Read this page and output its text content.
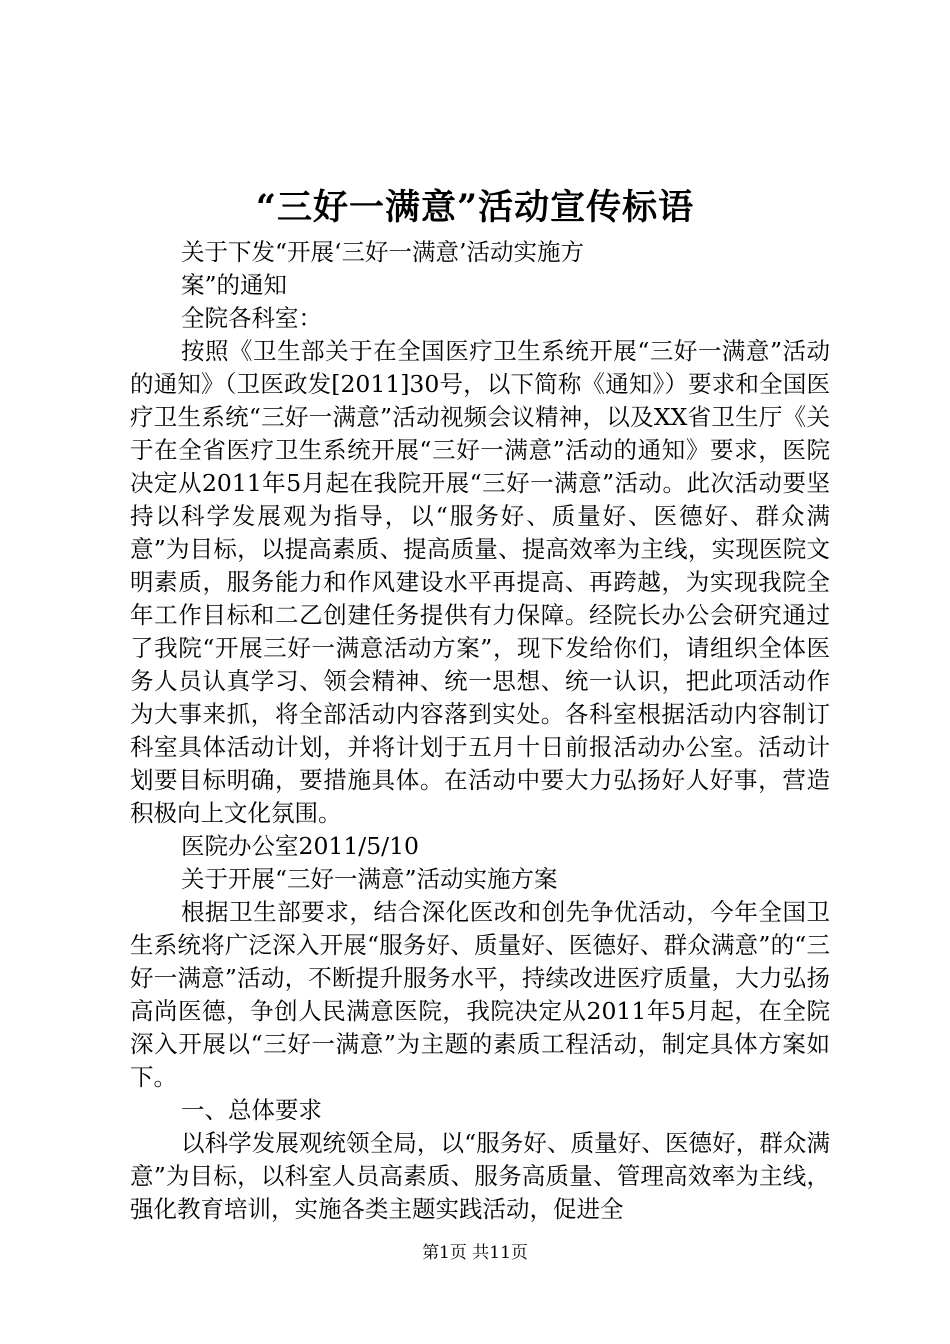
“三好一满意”活动宣传标语
关于下发“开展‘三好一满意’活动实施方
案”的通知
全院各科室：
按照《卫生部关于在全国医疗卫生系统开展“三好一满意”活动的通知》（卫医政发[2011]30号，以下简称《通知》）要求和全国医疗卫生系统“三好一满意”活动视频会议精神，以及XX省卫生厅《关于在全省医疗卫生系统开展“三好一满意”活动的通知》要求，医院决定从2011年5月起在我院开展“三好一满意”活动。此次活动要坚持以科学发展观为指导，以“服务好、质量好、医德好、群众满意”为目标，以提高素质、提高质量、提高效率为主线，实现医院文明素质，服务能力和作风建设水平再提高、再跨越，为实现我院全年工作目标和二乙创建任务提供有力保障。经院长办公会研究通过了我院“开展三好一满意活动方案”，现下发给你们，请组织全体医务人员认真学习、领会精神、统一思想、统一认识，把此项活动作为大事来抓，将全部活动内容落到实处。各科室根据活动内容制订科室具体活动计划，并将计划于五月十日前报活动办公室。活动计划要目标明确，要措施具体。在活动中要大力弘扬好人好事，营造积极向上文化氛围。
医院办公室2011/5/10
关于开展“三好一满意”活动实施方案
根据卫生部要求，结合深化医改和创先争优活动，今年全国卫生系统将广泛深入开展“服务好、质量好、医德好、群众满意”的“三好一满意”活动，不断提升服务水平，持续改进医疗质量，大力弘扬高尚医德，争创人民满意医院，我院决定从2011年5月起，在全院深入开展以“三好一满意”为主题的素质工程活动，制定具体方案如下。
一、总体要求
以科学发展观统领全局，以“服务好、质量好、医德好，群众满意”为目标，以科室人员高素质、服务高质量、管理高效率为主线，强化教育培训，实施各类主题实践活动，促进全
第1页 共11页
